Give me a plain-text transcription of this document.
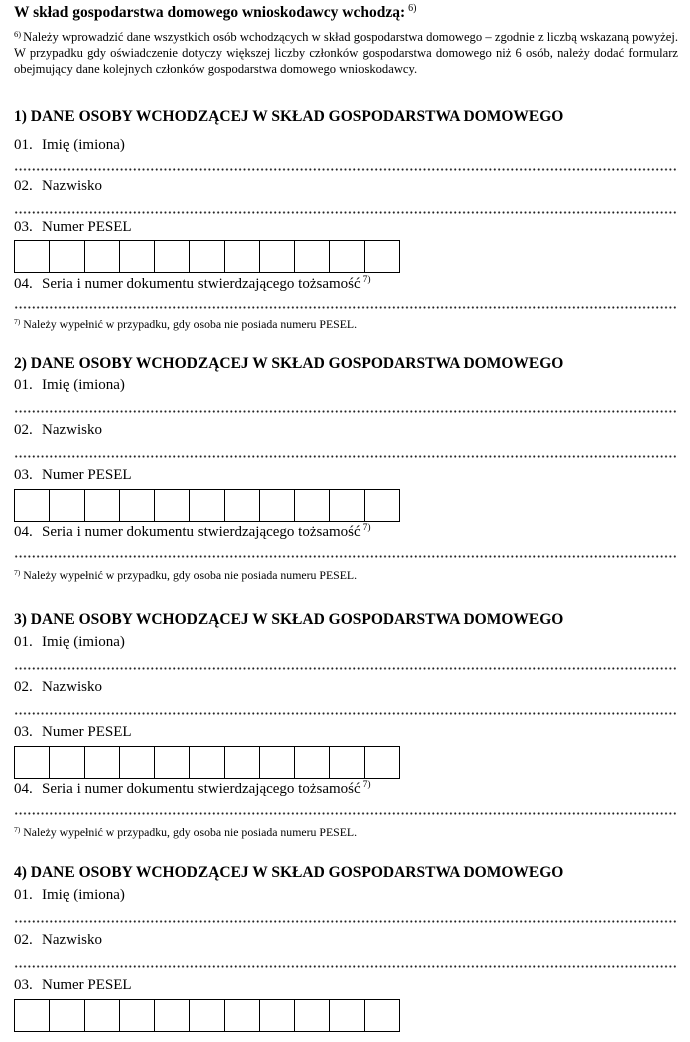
W skład gospodarstwa domowego wnioskodawcy wchodzą: $^{6)}$
$^{6)}$ Należy wprowadzić dane wszystkich osób wchodzących w skład gospodarstwa domowego – zgodnie z liczbą wskazaną powyżej. W przypadku gdy oświadczenie dotyczy większej liczby członków gospodarstwa domowego niż 6 osób, należy dodać formularz obejmujący dane kolejnych członków gospodarstwa domowego wnioskodawcy.
1) DANE OSOBY WCHODZĄCEJ W SKŁAD GOSPODARSTWA DOMOWEGO
01. Imię (imiona)
02. Nazwisko
03. Numer PESEL
04. Seria i numer dokumentu stwierdzającego tożsamość $^{7)}$
$^{7)}$ Należy wypełnić w przypadku, gdy osoba nie posiada numeru PESEL.
2) DANE OSOBY WCHODZĄCEJ W SKŁAD GOSPODARSTWA DOMOWEGO
01. Imię (imiona)
02. Nazwisko
03. Numer PESEL
04. Seria i numer dokumentu stwierdzającego tożsamość $^{7)}$
$^{7)}$ Należy wypełnić w przypadku, gdy osoba nie posiada numeru PESEL.
3) DANE OSOBY WCHODZĄCEJ W SKŁAD GOSPODARSTWA DOMOWEGO
01. Imię (imiona)
02. Nazwisko
03. Numer PESEL
04. Seria i numer dokumentu stwierdzającego tożsamość $^{7)}$
$^{7)}$ Należy wypełnić w przypadku, gdy osoba nie posiada numeru PESEL.
4) DANE OSOBY WCHODZĄCEJ W SKŁAD GOSPODARSTWA DOMOWEGO
01. Imię (imiona)
02. Nazwisko
03. Numer PESEL
